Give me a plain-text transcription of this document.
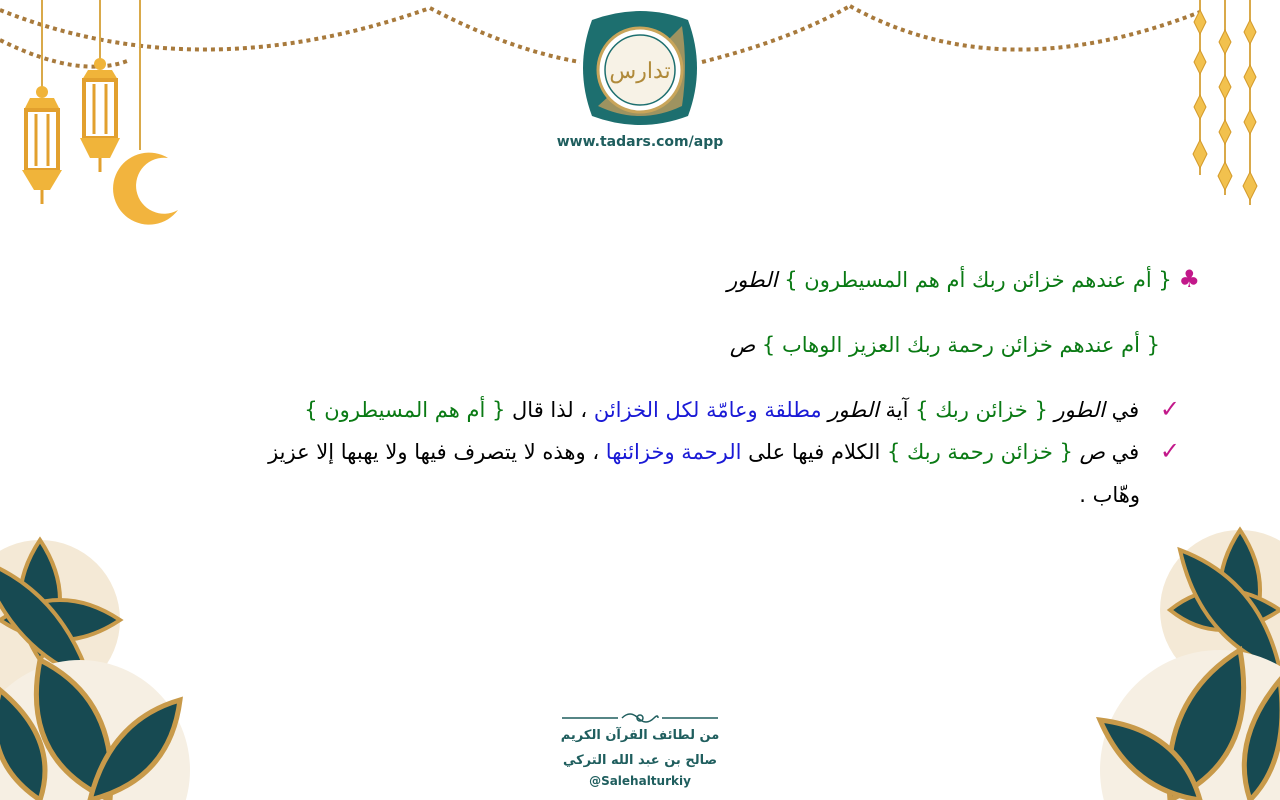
تدارس
www.tadars.com/app
♣ { أم عندهم خزائن ربك أم هم المسيطرون } الطور
{ أم عندهم خزائن رحمة ربك العزيز الوهاب } ص
✓ في الطور { خزائن ربك } آية الطور مطلقة وعامّة لكل الخزائن ، لذا قال { أم هم المسيطرون }
✓ في ص { خزائن رحمة ربك } الكلام فيها على الرحمة وخزائنها ، وهذه لا يتصرف فيها ولا يهبها إلا عزيز
وهّاب .
من لطائف القرآن الكريم
صالح بن عبد الله التركي
@Salehalturkiy
